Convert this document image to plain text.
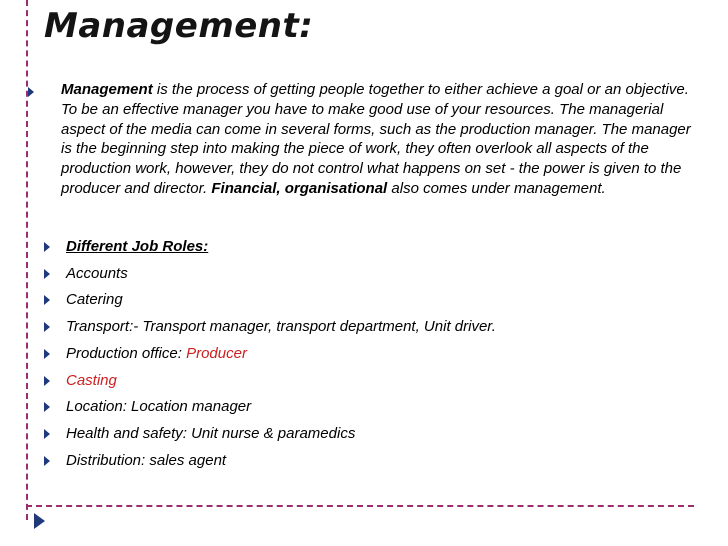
Management:

Management is the process of getting people together to either achieve a goal or an objective. To be an effective manager you have to make good use of your resources. The managerial aspect of the media can come in several forms, such as the production manager. The manager is the beginning step into making the piece of work, they often overlook all aspects of the production work, however, they do not control what happens on set - the power is given to the producer and director. Financial, organisational also comes under management.

Different Job Roles:
Accounts
Catering
Transport:- Transport manager, transport department, Unit driver.
Production office: Producer
Casting
Location: Location manager
Health and safety: Unit nurse & paramedics
Distribution: sales agent
